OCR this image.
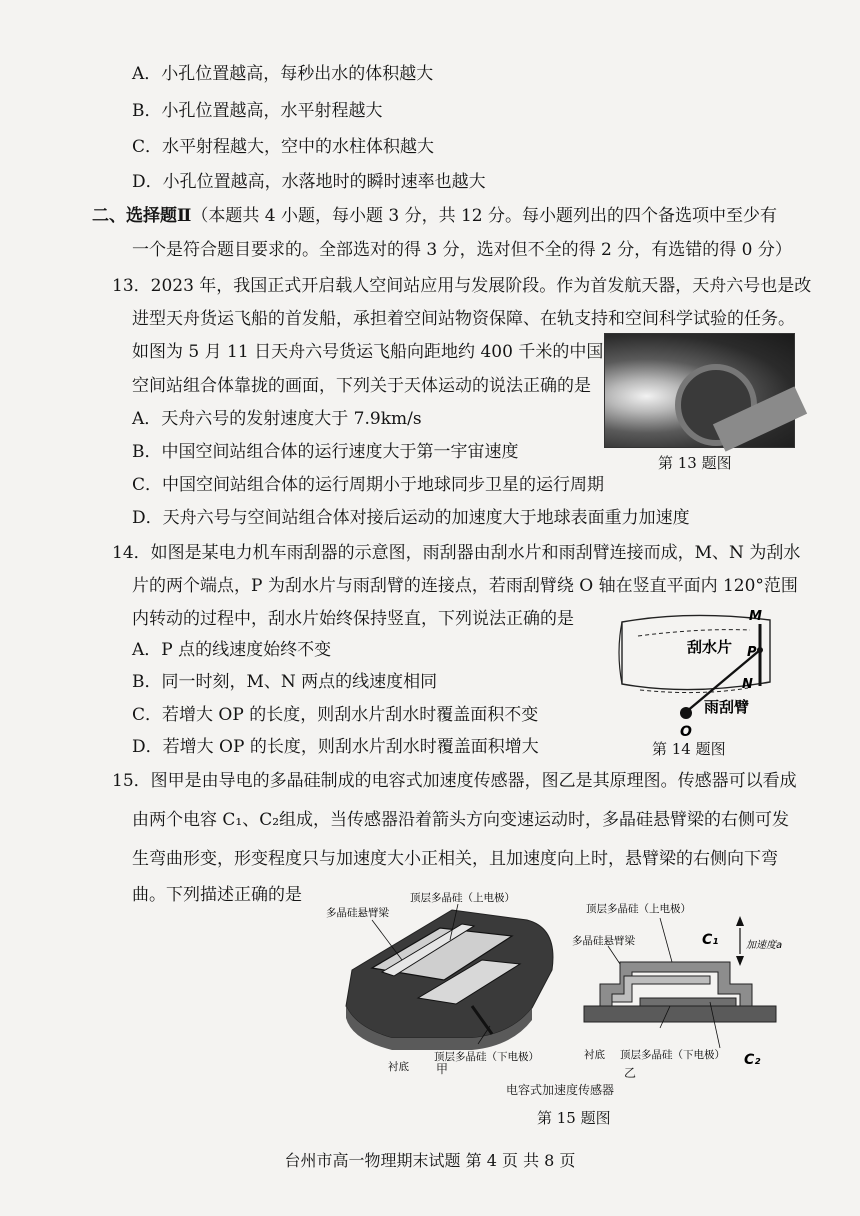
A．小孔位置越高，每秒出水的体积越大
B．小孔位置越高，水平射程越大
C．水平射程越大，空中的水柱体积越大
D．小孔位置越高，水落地时的瞬时速率也越大
二、选择题Ⅱ（本题共 4 小题，每小题 3 分，共 12 分。每小题列出的四个备选项中至少有
一个是符合题目要求的。全部选对的得 3 分，选对但不全的得 2 分，有选错的得 0 分）
13．2023 年，我国正式开启载人空间站应用与发展阶段。作为首发航天器，天舟六号也是改
进型天舟货运飞船的首发船，承担着空间站物资保障、在轨支持和空间科学试验的任务。
如图为 5 月 11 日天舟六号货运飞船向距地约 400 千米的中国
空间站组合体靠拢的画面，下列关于天体运动的说法正确的是
A．天舟六号的发射速度大于 7.9km/s
B．中国空间站组合体的运行速度大于第一宇宙速度
C．中国空间站组合体的运行周期小于地球同步卫星的运行周期
D．天舟六号与空间站组合体对接后运动的加速度大于地球表面重力加速度
第 13 题图
14．如图是某电力机车雨刮器的示意图，雨刮器由刮水片和雨刮臂连接而成，M、N 为刮水
片的两个端点，P 为刮水片与雨刮臂的连接点，若雨刮臂绕 O 轴在竖直平面内 120°范围
内转动的过程中，刮水片始终保持竖直，下列说法正确的是
A．P 点的线速度始终不变
B．同一时刻，M、N 两点的线速度相同
C．若增大 OP 的长度，则刮水片刮水时覆盖面积不变
D．若增大 OP 的长度，则刮水片刮水时覆盖面积增大
M
P
N
O
刮水片
雨刮臂
第 14 题图
15．图甲是由导电的多晶硅制成的电容式加速度传感器，图乙是其原理图。传感器可以看成
由两个电容 C₁、C₂组成，当传感器沿着箭头方向变速运动时，多晶硅悬臂梁的右侧可发
生弯曲形变，形变程度只与加速度大小正相关，且加速度向上时，悬臂梁的右侧向下弯
曲。下列描述正确的是
多晶硅悬臂梁
顶层多晶硅（上电极）
衬底
顶层多晶硅（下电极）
甲
顶层多晶硅（上电极）
C₁
多晶硅悬臂梁	加速度a
衬底 顶层多晶硅（下电极） C₂
乙
电容式加速度传感器
第 15 题图
台州市高一物理期末试题 第 4 页 共 8 页
